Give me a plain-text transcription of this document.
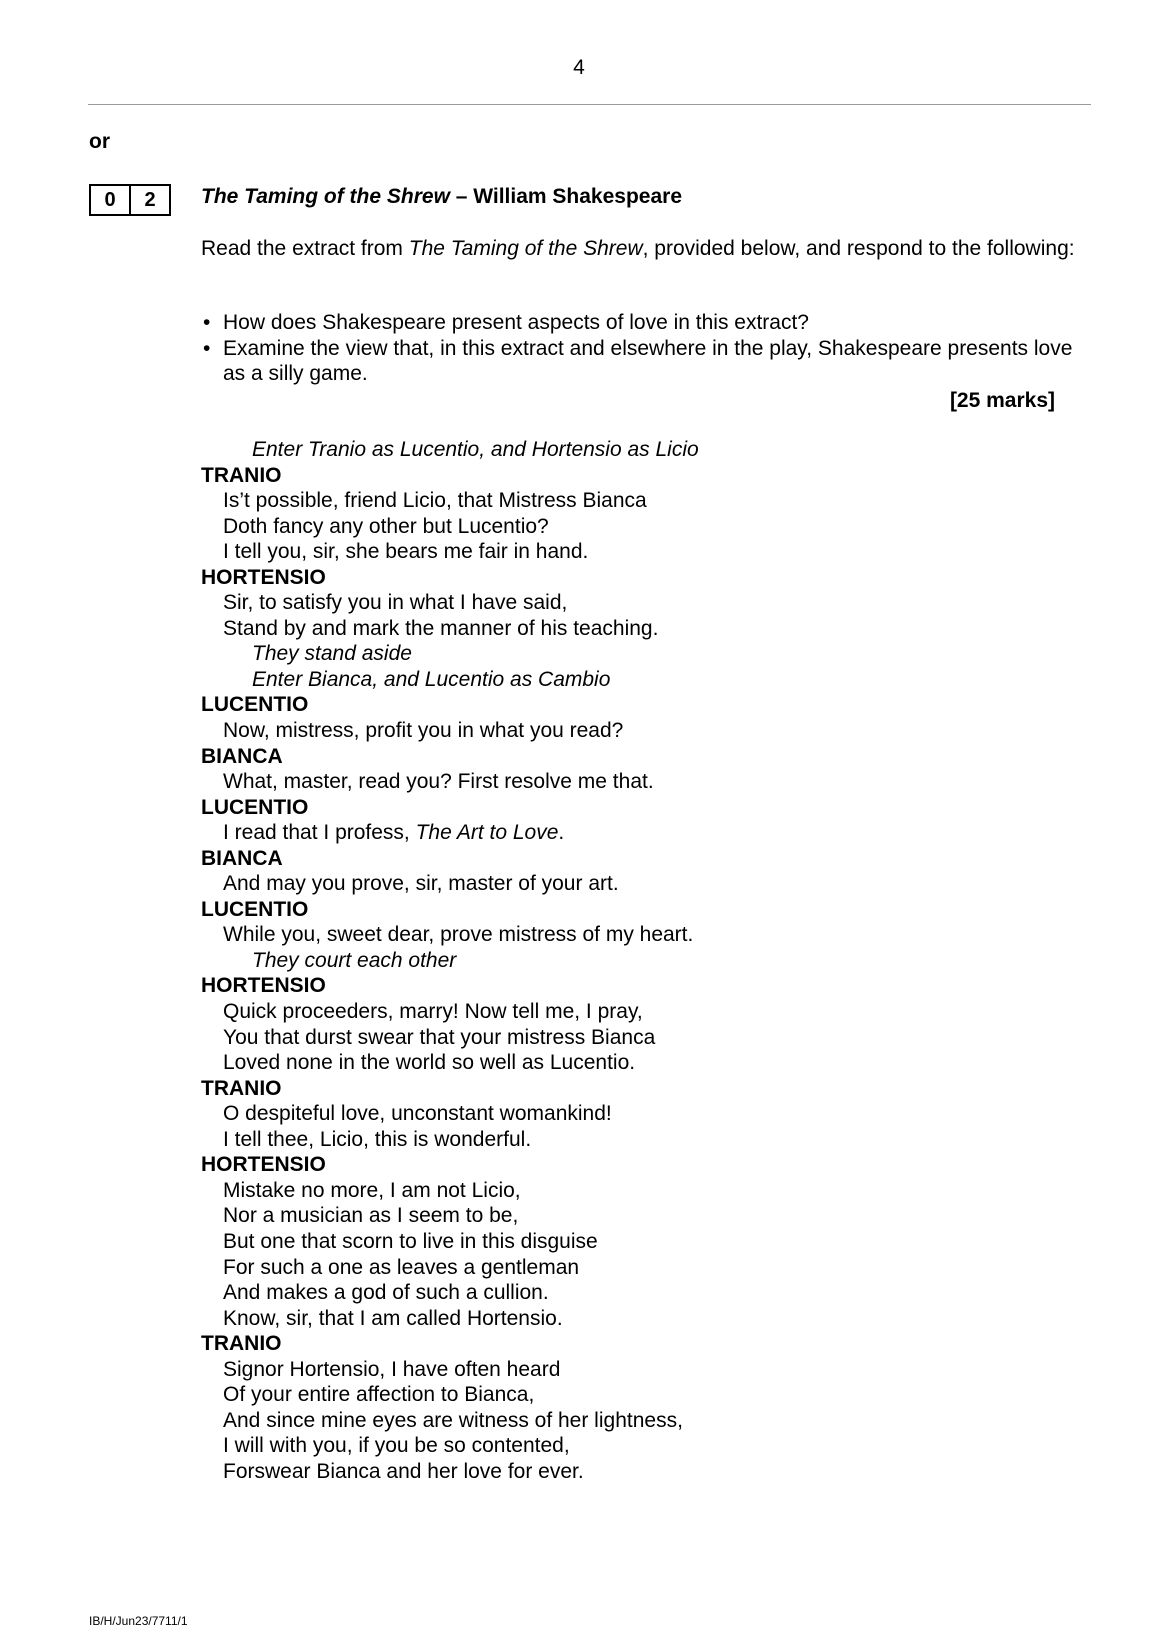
4
or
0	2	The Taming of the Shrew – William Shakespeare
Read the extract from The Taming of the Shrew, provided below, and respond to the following:
• How does Shakespeare present aspects of love in this extract?
• Examine the view that, in this extract and elsewhere in the play, Shakespeare presents love as a silly game.
[25 marks]
Enter Tranio as Lucentio, and Hortensio as Licio
TRANIO
Is’t possible, friend Licio, that Mistress Bianca
Doth fancy any other but Lucentio?
I tell you, sir, she bears me fair in hand.
HORTENSIO
Sir, to satisfy you in what I have said,
Stand by and mark the manner of his teaching.
They stand aside
Enter Bianca, and Lucentio as Cambio
LUCENTIO
Now, mistress, profit you in what you read?
BIANCA
What, master, read you? First resolve me that.
LUCENTIO
I read that I profess, The Art to Love.
BIANCA
And may you prove, sir, master of your art.
LUCENTIO
While you, sweet dear, prove mistress of my heart.
They court each other
HORTENSIO
Quick proceeders, marry! Now tell me, I pray,
You that durst swear that your mistress Bianca
Loved none in the world so well as Lucentio.
TRANIO
O despiteful love, unconstant womankind!
I tell thee, Licio, this is wonderful.
HORTENSIO
Mistake no more, I am not Licio,
Nor a musician as I seem to be,
But one that scorn to live in this disguise
For such a one as leaves a gentleman
And makes a god of such a cullion.
Know, sir, that I am called Hortensio.
TRANIO
Signor Hortensio, I have often heard
Of your entire affection to Bianca,
And since mine eyes are witness of her lightness,
I will with you, if you be so contented,
Forswear Bianca and her love for ever.
IB/H/Jun23/7711/1
